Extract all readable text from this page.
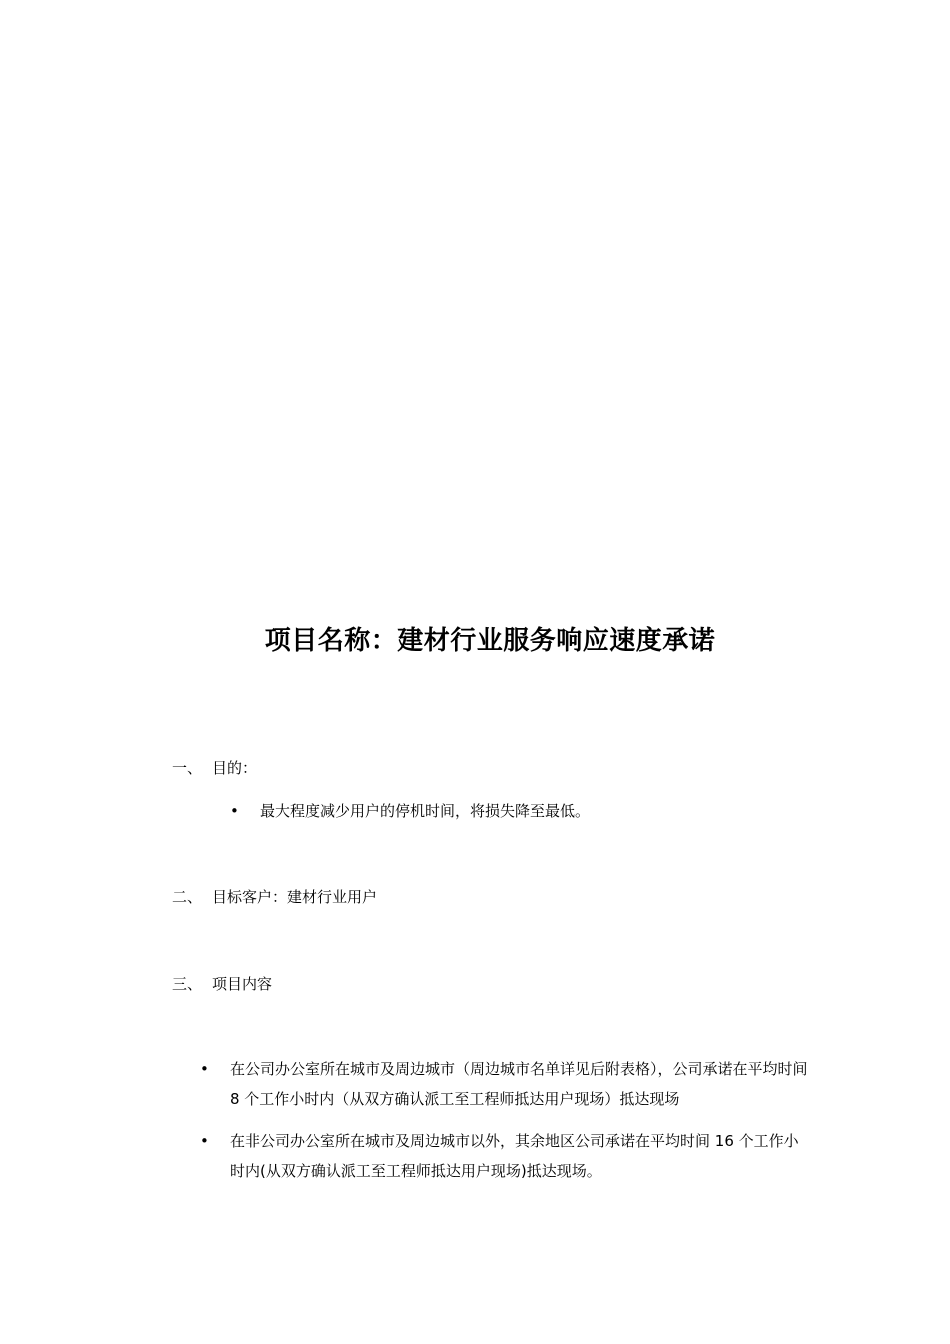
项目名称：建材行业服务响应速度承诺
一、 目的：
•	最大程度减少用户的停机时间，将损失降至最低。
二、 目标客户：建材行业用户
三、 项目内容
•	在公司办公室所在城市及周边城市（周边城市名单详见后附表格），公司承诺在平均时间 8 个工作小时内（从双方确认派工至工程师抵达用户现场）抵达现场
•	在非公司办公室所在城市及周边城市以外，其余地区公司承诺在平均时间 16 个工作小时内(从双方确认派工至工程师抵达用户现场)抵达现场。
